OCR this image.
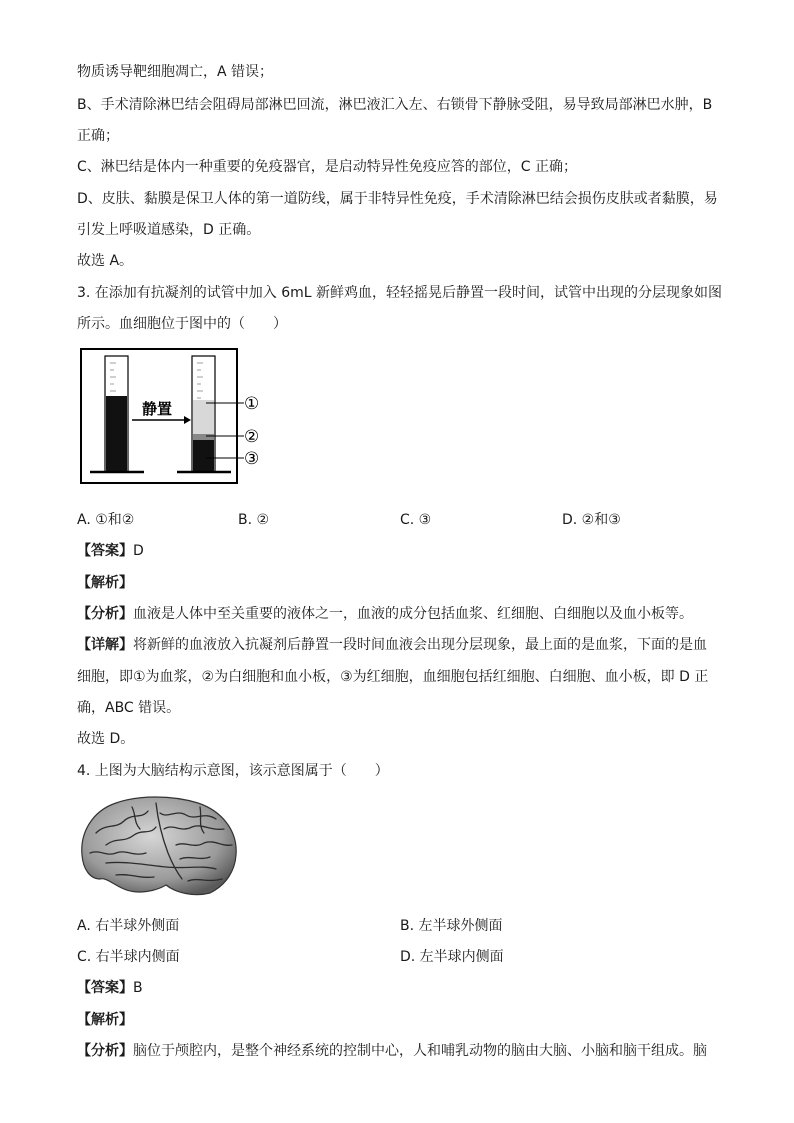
物质诱导靶细胞凋亡，A 错误；
B、手术清除淋巴结会阻碍局部淋巴回流，淋巴液汇入左、右锁骨下静脉受阻，易导致局部淋巴水肿，B
正确；
C、淋巴结是体内一种重要的免疫器官，是启动特异性免疫应答的部位，C 正确；
D、皮肤、黏膜是保卫人体的第一道防线，属于非特异性免疫，手术清除淋巴结会损伤皮肤或者黏膜，易
引发上呼吸道感染，D 正确。
故选 A。
3. 在添加有抗凝剂的试管中加入 6mL 新鲜鸡血，轻轻摇晃后静置一段时间，试管中出现的分层现象如图
所示。血细胞位于图中的（　　）
静置	①
②
③
A. ①和②	B. ②	C. ③	D. ②和③
【答案】D
【解析】
【分析】血液是人体中至关重要的液体之一，血液的成分包括血浆、红细胞、白细胞以及血小板等。
【详解】将新鲜的血液放入抗凝剂后静置一段时间血液会出现分层现象，最上面的是血浆，下面的是血
细胞，即①为血浆，②为白细胞和血小板，③为红细胞，血细胞包括红细胞、白细胞、血小板，即 D 正
确，ABC 错误。
故选 D。
4. 上图为大脑结构示意图，该示意图属于（　　）
A. 右半球外侧面	B. 左半球外侧面
C. 右半球内侧面	D. 左半球内侧面
【答案】B
【解析】
【分析】脑位于颅腔内，是整个神经系统的控制中心，人和哺乳动物的脑由大脑、小脑和脑干组成。脑
